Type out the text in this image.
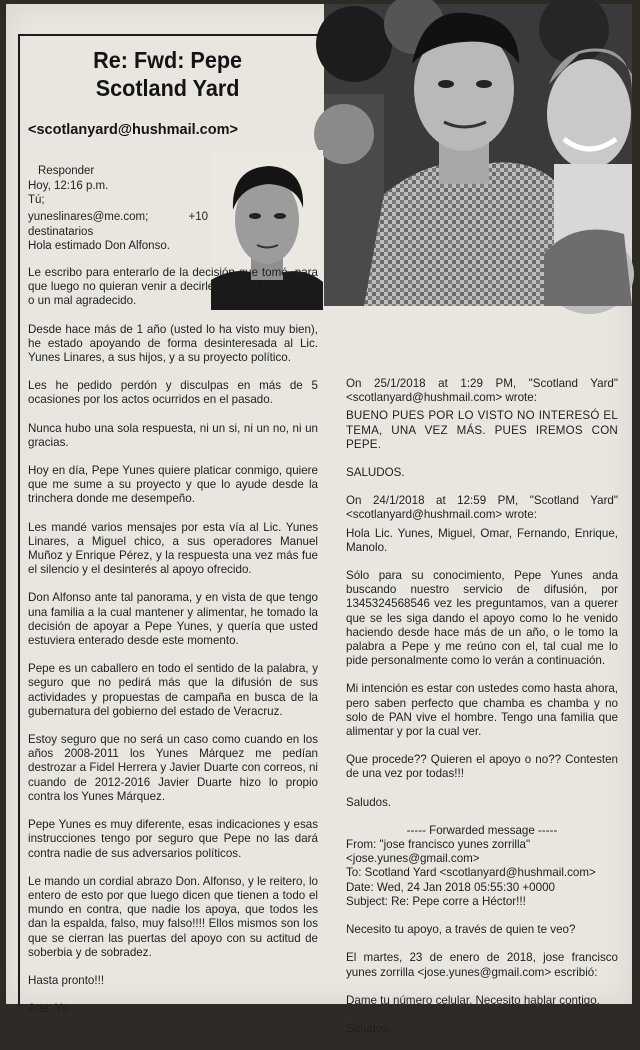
Re: Fwd: Pepe
Scotland Yard
<scotlanyard@hushmail.com>
Responder
Hoy, 12:16 p.m.
Tú;
yuneslinares@me.com;	+10
destinatarios
Hola estimado Don Alfonso.

Le escribo para enterarlo de la decisión que tomé, para que luego no quieran venir a decirle que soy una traidor o un mal agradecido.

Desde hace más de 1 año (usted lo ha visto muy bien), he estado apoyando de forma desinteresada al Lic. Yunes Linares, a sus hijos, y a su proyecto político.

Les he pedido perdón y disculpas en más de 5 ocasiones por los actos ocurridos en el pasado.

Nunca hubo una sola respuesta, ni un si, ni un no, ni un gracias.

Hoy en día, Pepe Yunes quiere platicar conmigo, quiere que me sume a su proyecto y que lo ayude desde la trinchera donde me desempeño.

Les mandé varios mensajes por esta vía al Lic. Yunes Linares, a Miguel chico, a sus operadores Manuel Muñoz y Enrique Pérez, y la respuesta una vez más fue el silencio y el desinterés al apoyo ofrecido.

Don Alfonso ante tal panorama, y en vista de que tengo una familia a la cual mantener y alimentar, he tomado la decisión de apoyar a Pepe Yunes, y quería que usted estuviera enterado desde este momento.

Pepe es un caballero en todo el sentido de la palabra, y seguro que no pedirá más que la difusión de sus actividades y propuestas de campaña en busca de la gubernatura del gobierno del estado de Veracruz.

Estoy seguro que no será un caso como cuando en los años 2008-2011 los Yunes Márquez me pedían destrozar a Fidel Herrera y Javier Duarte con correos, ni cuando de 2012-2016 Javier Duarte hizo lo propio contra los Yunes Márquez.

Pepe Yunes es muy diferente, esas indicaciones y esas instrucciones tengo por seguro que Pepe no las dará contra nadie de sus adversarios políticos.

Le mando un cordial abrazo Don. Alfonso, y le reitero, lo entero de esto por que luego dicen que tienen a todo el mundo en contra, que nadie los apoya, que todos les dan la espalda, falso, muy falso!!!! Ellos mismos son los que se cierran las puertas del apoyo con su actitud de soberbia y de sobradez.

Hasta pronto!!!

Atte: Yo.

On 25/1/2018 at 1:29 PM, "Scotland Yard" <scotlanyard@hushmail.com> wrote:

BUENO PUES POR LO VISTO NO INTERESÓ EL TEMA, UNA VEZ MÁS. PUES IREMOS CON PEPE.

SALUDOS.

On 24/1/2018 at 12:59 PM, "Scotland Yard" <scotlanyard@hushmail.com> wrote:

Hola Lic. Yunes, Miguel, Omar, Fernando, Enrique, Manolo.

Sólo para su conocimiento, Pepe Yunes anda buscando nuestro servicio de difusión, por 1345324568546 vez les preguntamos, van a querer que se les siga dando el apoyo como lo he venido haciendo desde hace más de un año, o le tomo la palabra a Pepe y me reúno con el, tal cual me lo pide personalmente como lo verán a continuación.

Mi intención es estar con ustedes como hasta ahora, pero saben perfecto que chamba es chamba y no solo de PAN vive el hombre. Tengo una familia que alimentar y por la cual ver.

Que procede?? Quieren el apoyo o no?? Contesten de una vez por todas!!!

Saludos.

----- Forwarded message -----

From: "jose francisco yunes zorrilla" <jose.yunes@gmail.com>

To: Scotland Yard <scotlanyard@hushmail.com>

Date: Wed, 24 Jan 2018 05:55:30 +0000

Subject: Re: Pepe corre a Héctor!!!

Necesito tu apoyo, a través de quien te veo?

El martes, 23 de enero de 2018, jose francisco yunes zorrilla <jose.yunes@gmail.com> escribió:

Dame tu número celular. Necesito hablar contigo.

Saludos.
